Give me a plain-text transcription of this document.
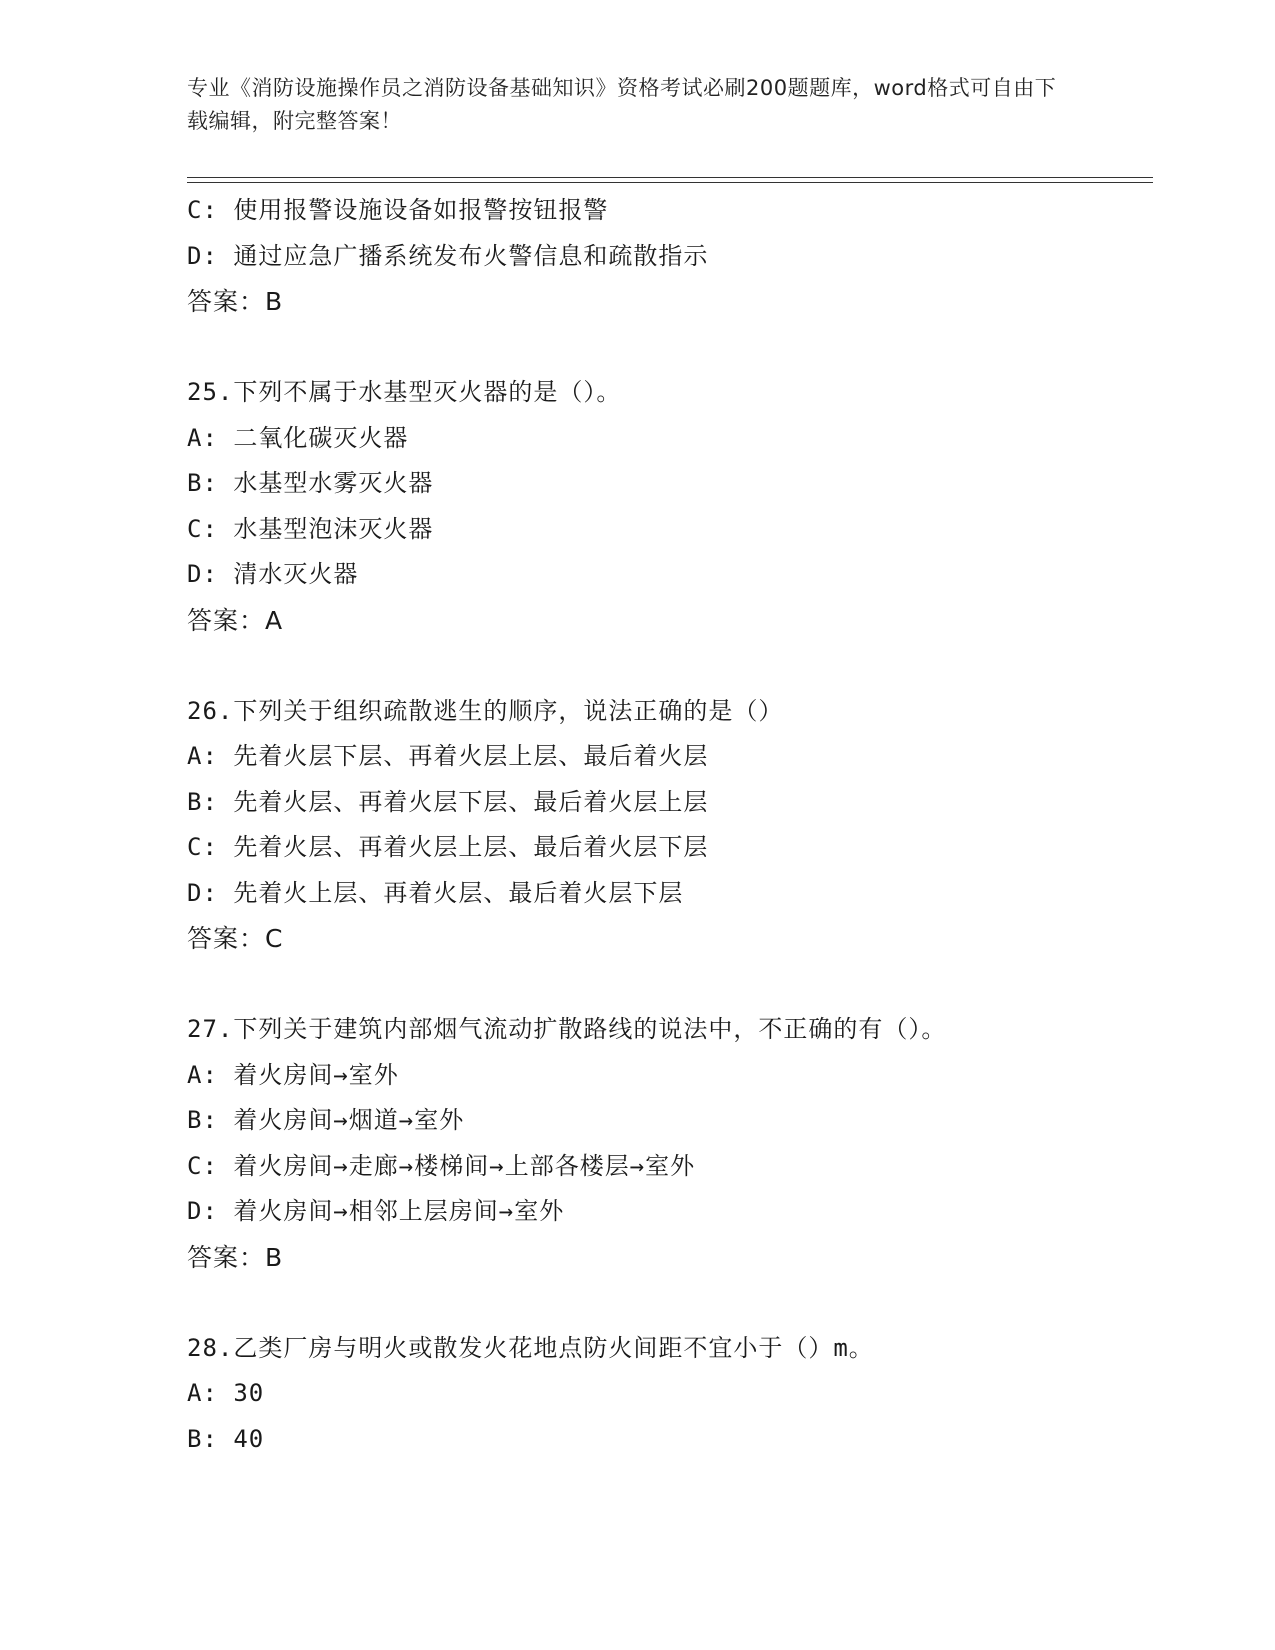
专业《消防设施操作员之消防设备基础知识》资格考试必刷200题题库，word格式可自由下载编辑，附完整答案！
C: 使用报警设施设备如报警按钮报警
D: 通过应急广播系统发布火警信息和疏散指示
答案：B
25.下列不属于水基型灭火器的是（）。
A: 二氧化碳灭火器
B: 水基型水雾灭火器
C: 水基型泡沫灭火器
D: 清水灭火器
答案：A
26.下列关于组织疏散逃生的顺序，说法正确的是（）
A: 先着火层下层、再着火层上层、最后着火层
B: 先着火层、再着火层下层、最后着火层上层
C: 先着火层、再着火层上层、最后着火层下层
D: 先着火上层、再着火层、最后着火层下层
答案：C
27.下列关于建筑内部烟气流动扩散路线的说法中，不正确的有（）。
A: 着火房间→室外
B: 着火房间→烟道→室外
C: 着火房间→走廊→楼梯间→上部各楼层→室外
D: 着火房间→相邻上层房间→室外
答案：B
28.乙类厂房与明火或散发火花地点防火间距不宜小于（）m。
A: 30
B: 40
